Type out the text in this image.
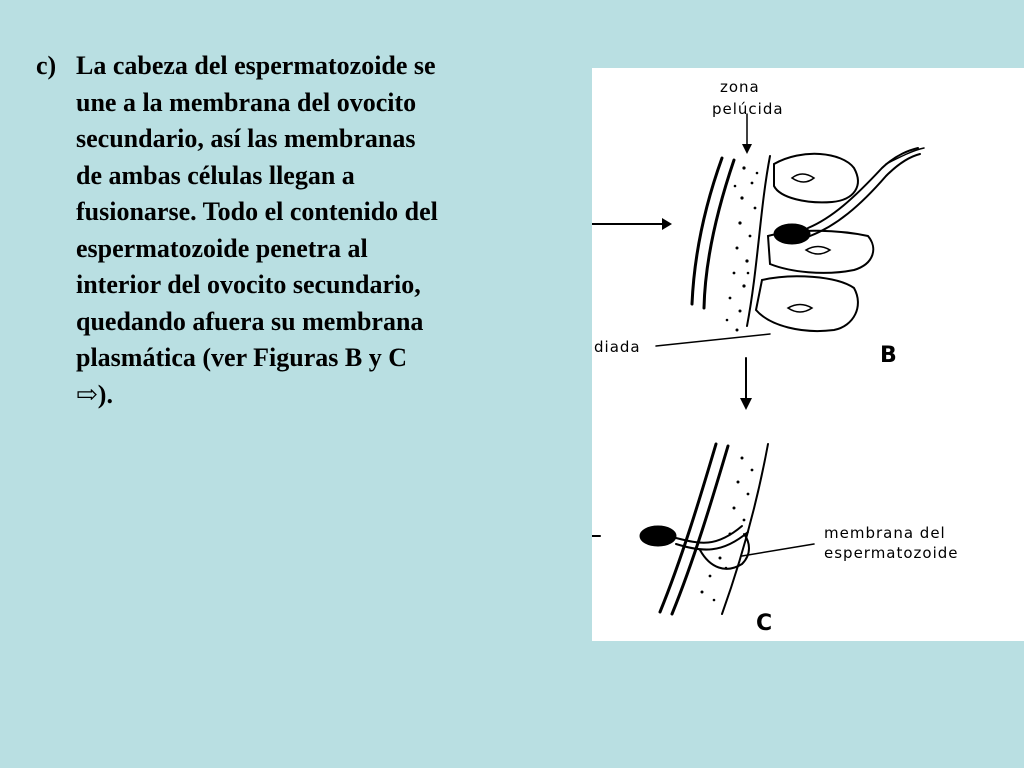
c) La cabeza del espermatozoide se
une a la membrana del ovocito
secundario, así las membranas
de ambas células llegan a
fusionarse. Todo el contenido del
espermatozoide penetra al
interior del ovocito secundario,
quedando afuera su membrana
plasmática (ver Figuras B y C
⇨).

zona
pelúcida
diada	B
membrana del
espermatozoide
C
